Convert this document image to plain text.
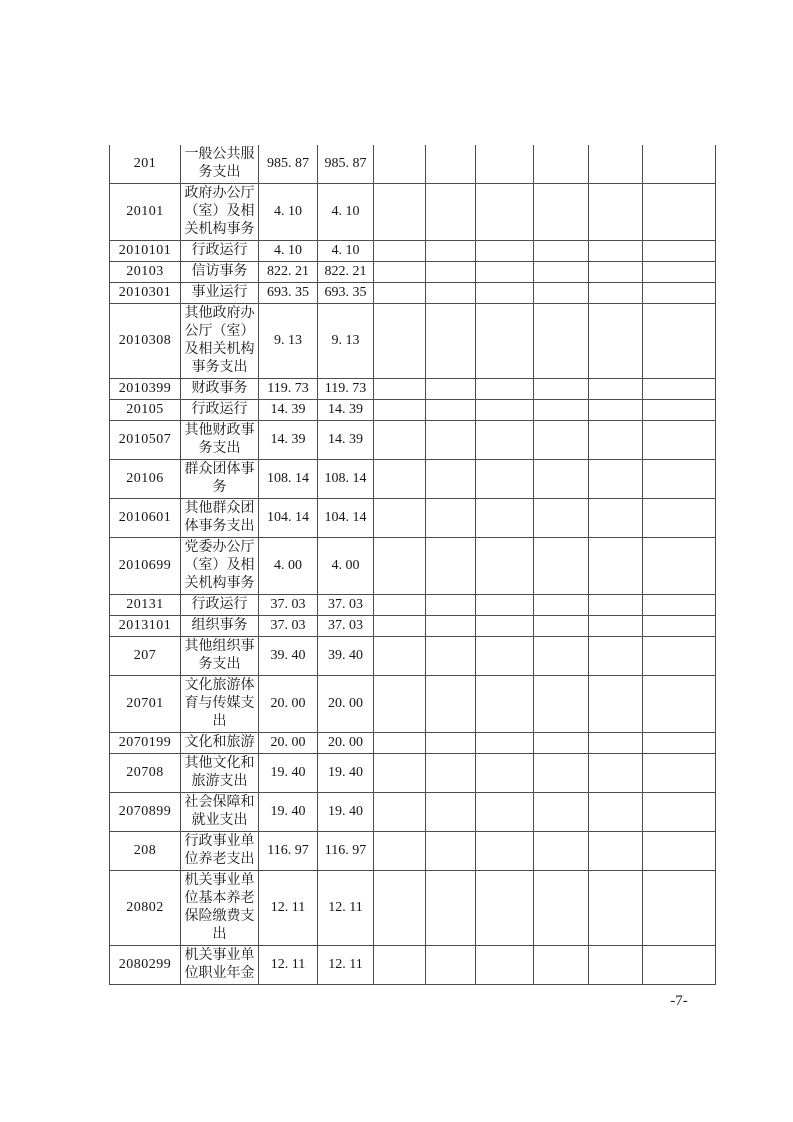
201	一般公共服务支出	985. 87	985. 87						
20101	政府办公厅（室）及相关机构事务	4. 10	4. 10						
2010101	行政运行	4. 10	4. 10						
20103	信访事务	822. 21	822. 21						
2010301	事业运行	693. 35	693. 35						
2010308	其他政府办公厅（室）及相关机构事务支出	9. 13	9. 13						
2010399	财政事务	119. 73	119. 73						
20105	行政运行	14. 39	14. 39						
2010507	其他财政事务支出	14. 39	14. 39						
20106	群众团体事务	108. 14	108. 14						
2010601	其他群众团体事务支出	104. 14	104. 14						
2010699	党委办公厅（室）及相关机构事务	4. 00	4. 00						
20131	行政运行	37. 03	37. 03						
2013101	组织事务	37. 03	37. 03						
207	其他组织事务支出	39. 40	39. 40						
20701	文化旅游体育与传媒支出	20. 00	20. 00						
2070199	文化和旅游	20. 00	20. 00						
20708	其他文化和旅游支出	19. 40	19. 40						
2070899	社会保障和就业支出	19. 40	19. 40						
208	行政事业单位养老支出	116. 97	116. 97						
20802	机关事业单位基本养老保险缴费支出	12. 11	12. 11						
2080299	机关事业单位职业年金	12. 11	12. 11						
-7-
